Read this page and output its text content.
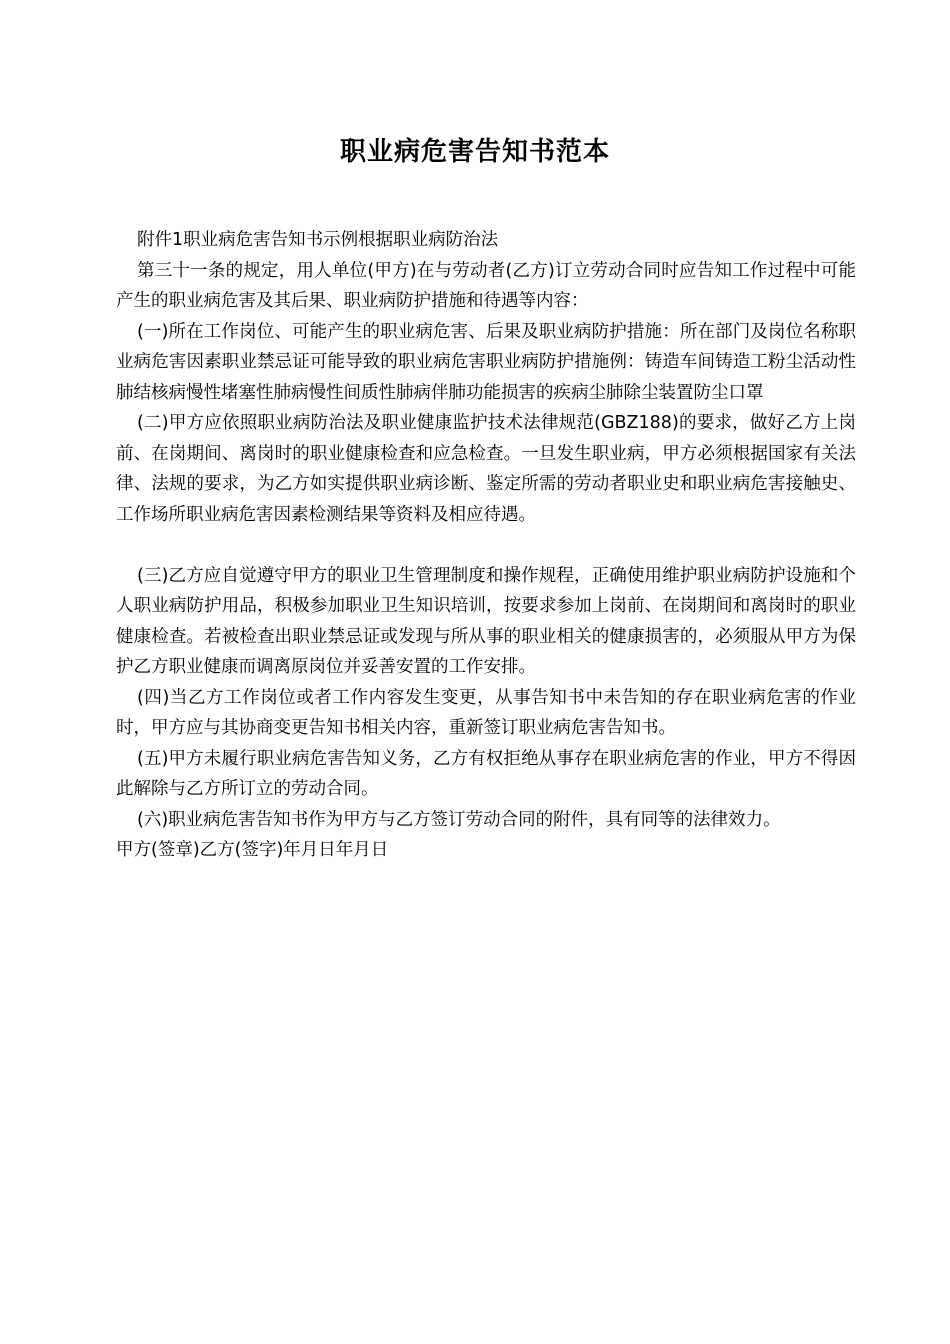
职业病危害告知书范本

附件1职业病危害告知书示例根据职业病防治法

第三十一条的规定，用人单位(甲方)在与劳动者(乙方)订立劳动合同时应告知工作过程中可能产生的职业病危害及其后果、职业病防护措施和待遇等内容：

(一)所在工作岗位、可能产生的职业病危害、后果及职业病防护措施：所在部门及岗位名称职业病危害因素职业禁忌证可能导致的职业病危害职业病防护措施例：铸造车间铸造工粉尘活动性肺结核病慢性堵塞性肺病慢性间质性肺病伴肺功能损害的疾病尘肺除尘装置防尘口罩

(二)甲方应依照职业病防治法及职业健康监护技术法律规范(GBZ188)的要求，做好乙方上岗前、在岗期间、离岗时的职业健康检查和应急检查。一旦发生职业病，甲方必须根据国家有关法律、法规的要求，为乙方如实提供职业病诊断、鉴定所需的劳动者职业史和职业病危害接触史、工作场所职业病危害因素检测结果等资料及相应待遇。

(三)乙方应自觉遵守甲方的职业卫生管理制度和操作规程，正确使用维护职业病防护设施和个人职业病防护用品，积极参加职业卫生知识培训，按要求参加上岗前、在岗期间和离岗时的职业健康检查。若被检查出职业禁忌证或发现与所从事的职业相关的健康损害的，必须服从甲方为保护乙方职业健康而调离原岗位并妥善安置的工作安排。

(四)当乙方工作岗位或者工作内容发生变更，从事告知书中未告知的存在职业病危害的作业时，甲方应与其协商变更告知书相关内容，重新签订职业病危害告知书。

(五)甲方未履行职业病危害告知义务，乙方有权拒绝从事存在职业病危害的作业，甲方不得因此解除与乙方所订立的劳动合同。

(六)职业病危害告知书作为甲方与乙方签订劳动合同的附件，具有同等的法律效力。

甲方(签章)乙方(签字)年月日年月日
